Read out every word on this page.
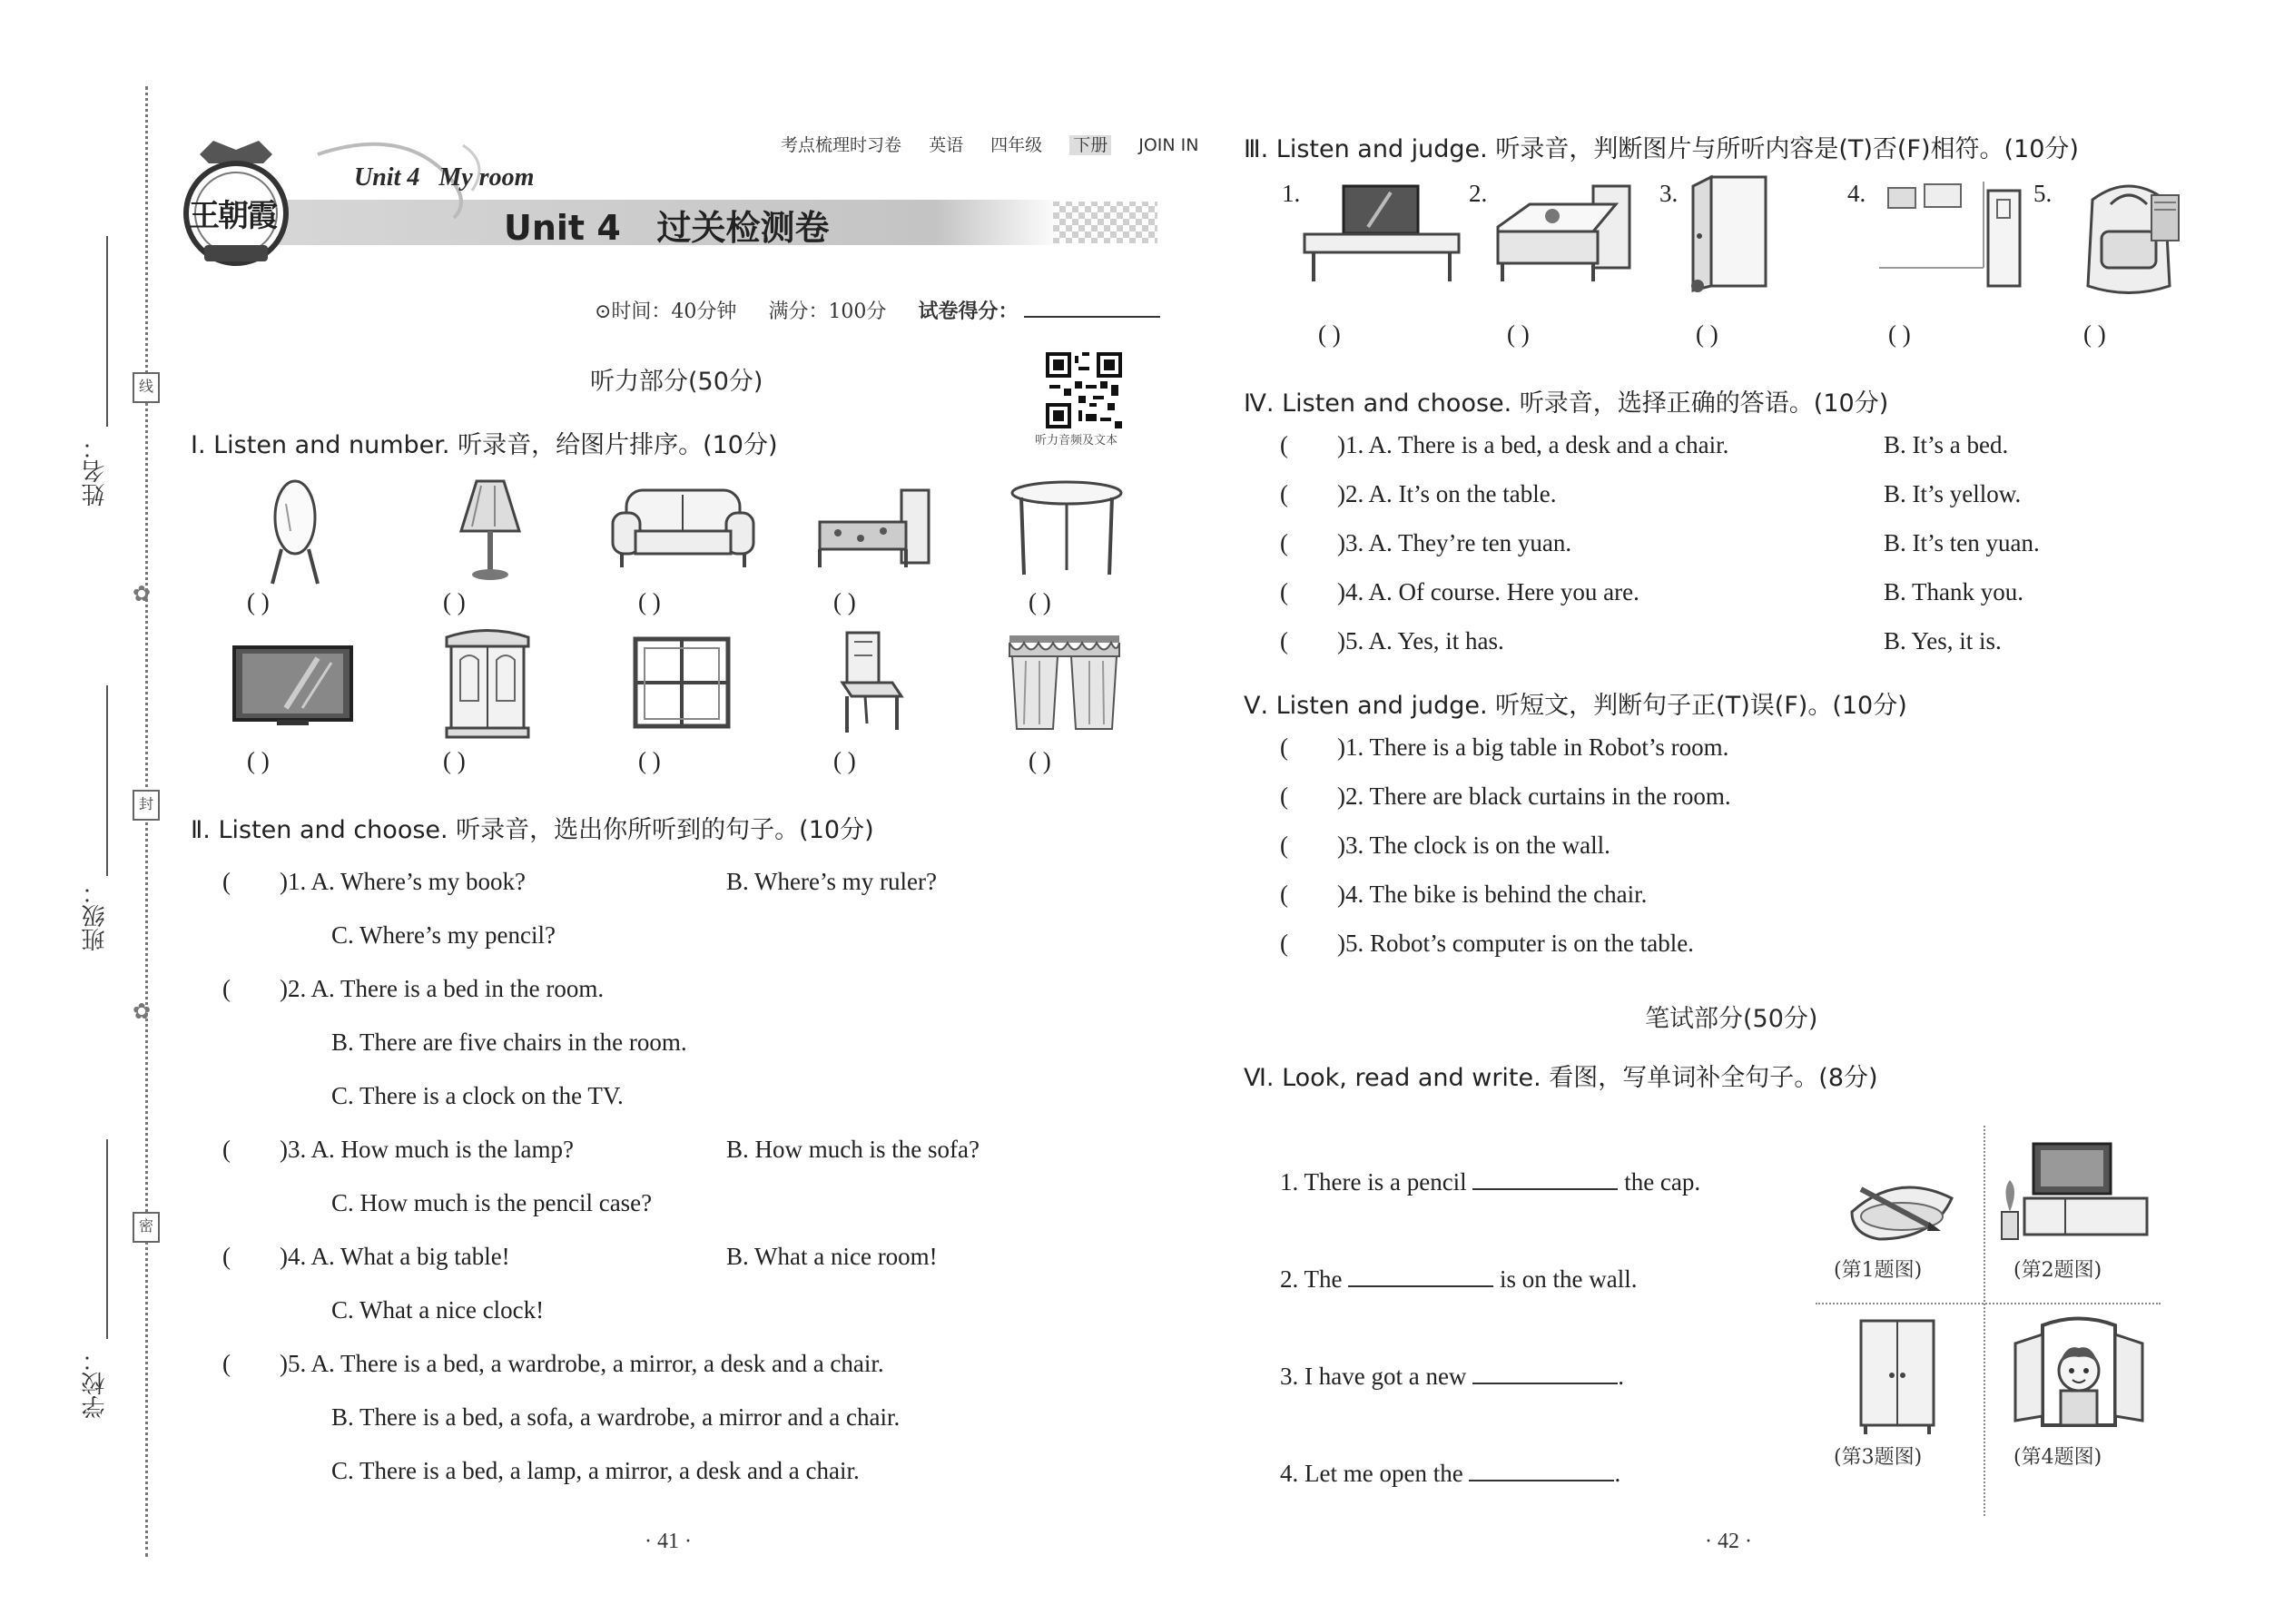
姓名：
班级：
学校：
线
封
密
✿
✿
考点梳理时习卷 英语 四年级 下册 JOIN IN
王朝霞
Unit 4   My room
Unit 4   过关检测卷
⊙时间：40分钟 满分：100分 试卷得分：
听力部分(50分)
听力音频及文本
Ⅰ. Listen and number. 听录音，给图片排序。(10分)
( )	( )	( )	( )	( )
( )	( )	( )	( )	( )
Ⅱ. Listen and choose. 听录音，选出你所听到的句子。(10分)
(        )1. A. Where’s my book?	B. Where’s my ruler?
C. Where’s my pencil?
(        )2. A. There is a bed in the room.
B. There are five chairs in the room.
C. There is a clock on the TV.
(        )3. A. How much is the lamp?	B. How much is the sofa?
C. How much is the pencil case?
(        )4. A. What a big table!	B. What a nice room!
C. What a nice clock!
(        )5. A. There is a bed, a wardrobe, a mirror, a desk and a chair.
B. There is a bed, a sofa, a wardrobe, a mirror and a chair.
C. There is a bed, a lamp, a mirror, a desk and a chair.
· 41 ·
Ⅲ. Listen and judge. 听录音，判断图片与所听内容是(T)否(F)相符。(10分)
1.	2.	3.	4.	5.
( )	( )	( )	( )	( )
Ⅳ. Listen and choose. 听录音，选择正确的答语。(10分)
(        )1. A. There is a bed, a desk and a chair.	B. It’s a bed.
(        )2. A. It’s on the table.	B. It’s yellow.
(        )3. A. They’re ten yuan.	B. It’s ten yuan.
(        )4. A. Of course. Here you are.	B. Thank you.
(        )5. A. Yes, it has.	B. Yes, it is.
Ⅴ. Listen and judge. 听短文，判断句子正(T)误(F)。(10分)
(        )1. There is a big table in Robot’s room.
(        )2. There are black curtains in the room.
(        )3. The clock is on the wall.
(        )4. The bike is behind the chair.
(        )5. Robot’s computer is on the table.
笔试部分(50分)
Ⅵ. Look, read and write. 看图，写单词补全句子。(8分)
1. There is a pencil	the cap.
2. The	is on the wall.
3. I have got a new	.
4. Let me open the	.
(第1题图)	(第2题图)
(第3题图)	(第4题图)
· 42 ·
